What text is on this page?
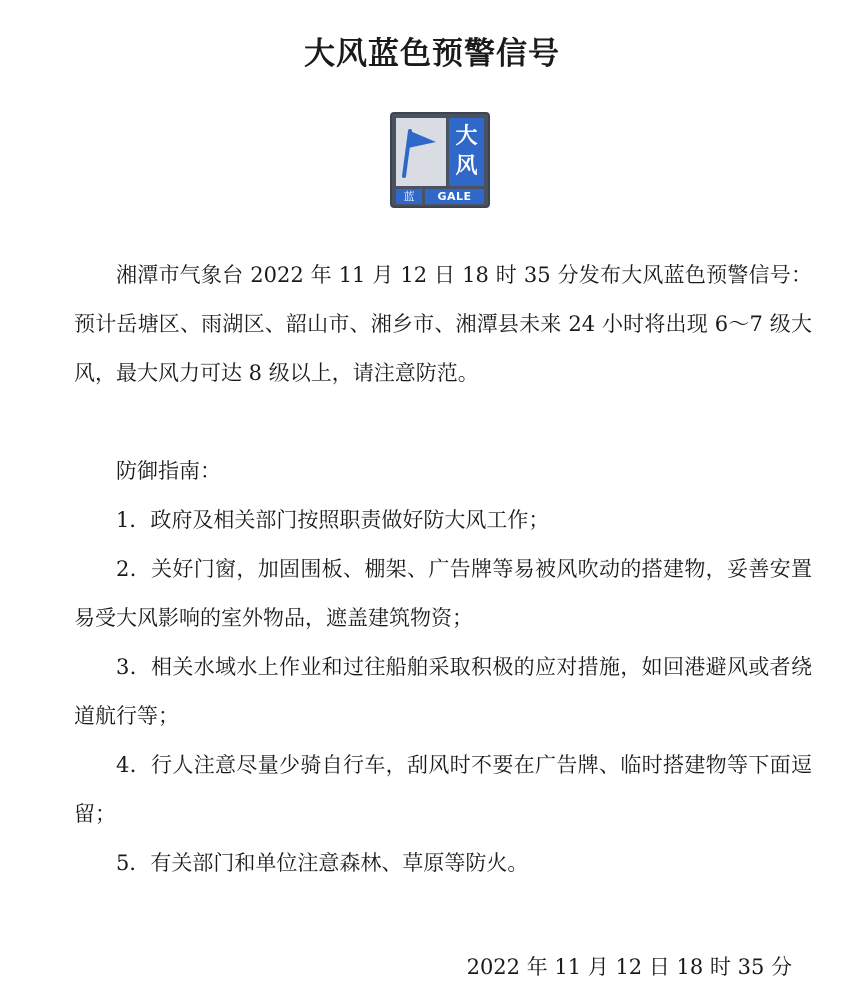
大风蓝色预警信号
大
风
蓝	GALE

湘潭市气象台 2022 年 11 月 12 日 18 时 35 分发布大风蓝色预警信号：预计岳塘区、雨湖区、韶山市、湘乡市、湘潭县未来 24 小时将出现 6～7 级大风，最大风力可达 8 级以上，请注意防范。

防御指南：

1．政府及相关部门按照职责做好防大风工作；

2．关好门窗，加固围板、棚架、广告牌等易被风吹动的搭建物，妥善安置易受大风影响的室外物品，遮盖建筑物资；

3．相关水域水上作业和过往船舶采取积极的应对措施，如回港避风或者绕道航行等；

4．行人注意尽量少骑自行车，刮风时不要在广告牌、临时搭建物等下面逗留；

5．有关部门和单位注意森林、草原等防火。

2022 年 11 月 12 日 18 时 35 分
